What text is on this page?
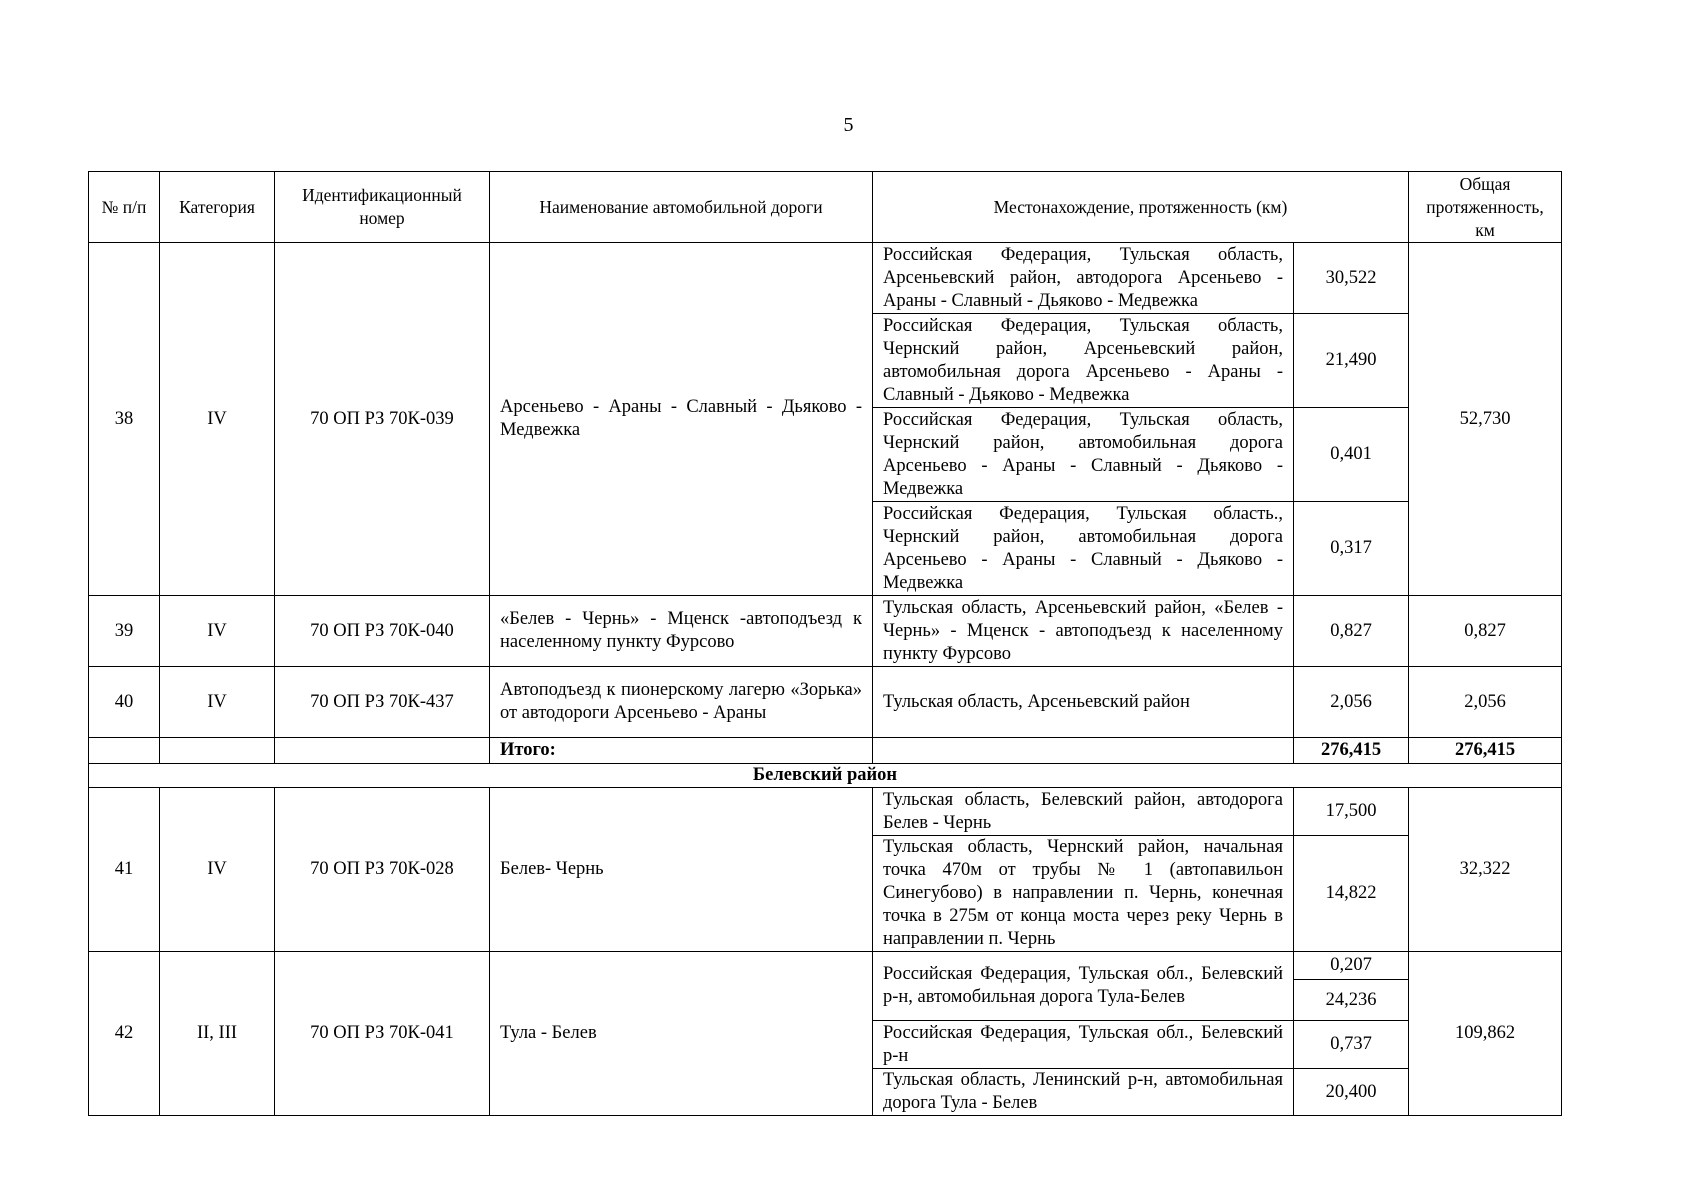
5
№ п/п	Категория	Идентификационный номер	Наименование автомобильной дороги	Местонахождение, протяженность (км)		Общая протяженность, км
38	IV	70 ОП РЗ 70К-039	Арсеньево - Араны - Славный - Дьяково - Медвежка	Российская Федерация, Тульская область, Арсеньевский район, автодорога Арсеньево - Араны - Славный - Дьяково - Медвежка	30,522	52,730
				Российская Федерация, Тульская область, Чернский район, Арсеньевский район, автомобильная дорога Арсеньево - Араны - Славный - Дьяково - Медвежка	21,490	
				Российская Федерация, Тульская область, Чернский район, автомобильная дорога Арсеньево - Араны - Славный - Дьяково - Медвежка	0,401	
				Российская Федерация, Тульская область., Чернский район, автомобильная дорога Арсеньево - Араны - Славный - Дьяково - Медвежка	0,317	
39	IV	70 ОП РЗ 70К-040	«Белев - Чернь» - Мценск -автоподъезд к населенному пункту Фурсово	Тульская область, Арсеньевский район, «Белев - Чернь» - Мценск - автоподъезд к населенному пункту Фурсово	0,827	0,827
40	IV	70 ОП РЗ 70К-437	Автоподъезд к пионерскому лагерю «Зорька» от автодороги Арсеньево - Араны	Тульская область, Арсеньевский район	2,056	2,056
			Итого:		276,415	276,415
Белевский район						
41	IV	70 ОП РЗ 70К-028	Белев- Чернь	Тульская область, Белевский район, автодорога Белев - Чернь	17,500	32,322
				Тульская область, Чернский район, начальная точка 470м от трубы № 1 (автопавильон Синегубово) в направлении п. Чернь, конечная точка в 275м от конца моста через реку Чернь в направлении п. Чернь	14,822	
42	II, III	70 ОП РЗ 70К-041	Тула - Белев	Российская Федерация, Тульская обл., Белевский р-н, автомобильная дорога Тула-Белев	0,207	109,862
					24,236	
				Российская Федерация, Тульская обл., Белевский р-н	0,737	
				Тульская область, Ленинский р-н, автомобильная дорога Тула - Белев	20,400	
